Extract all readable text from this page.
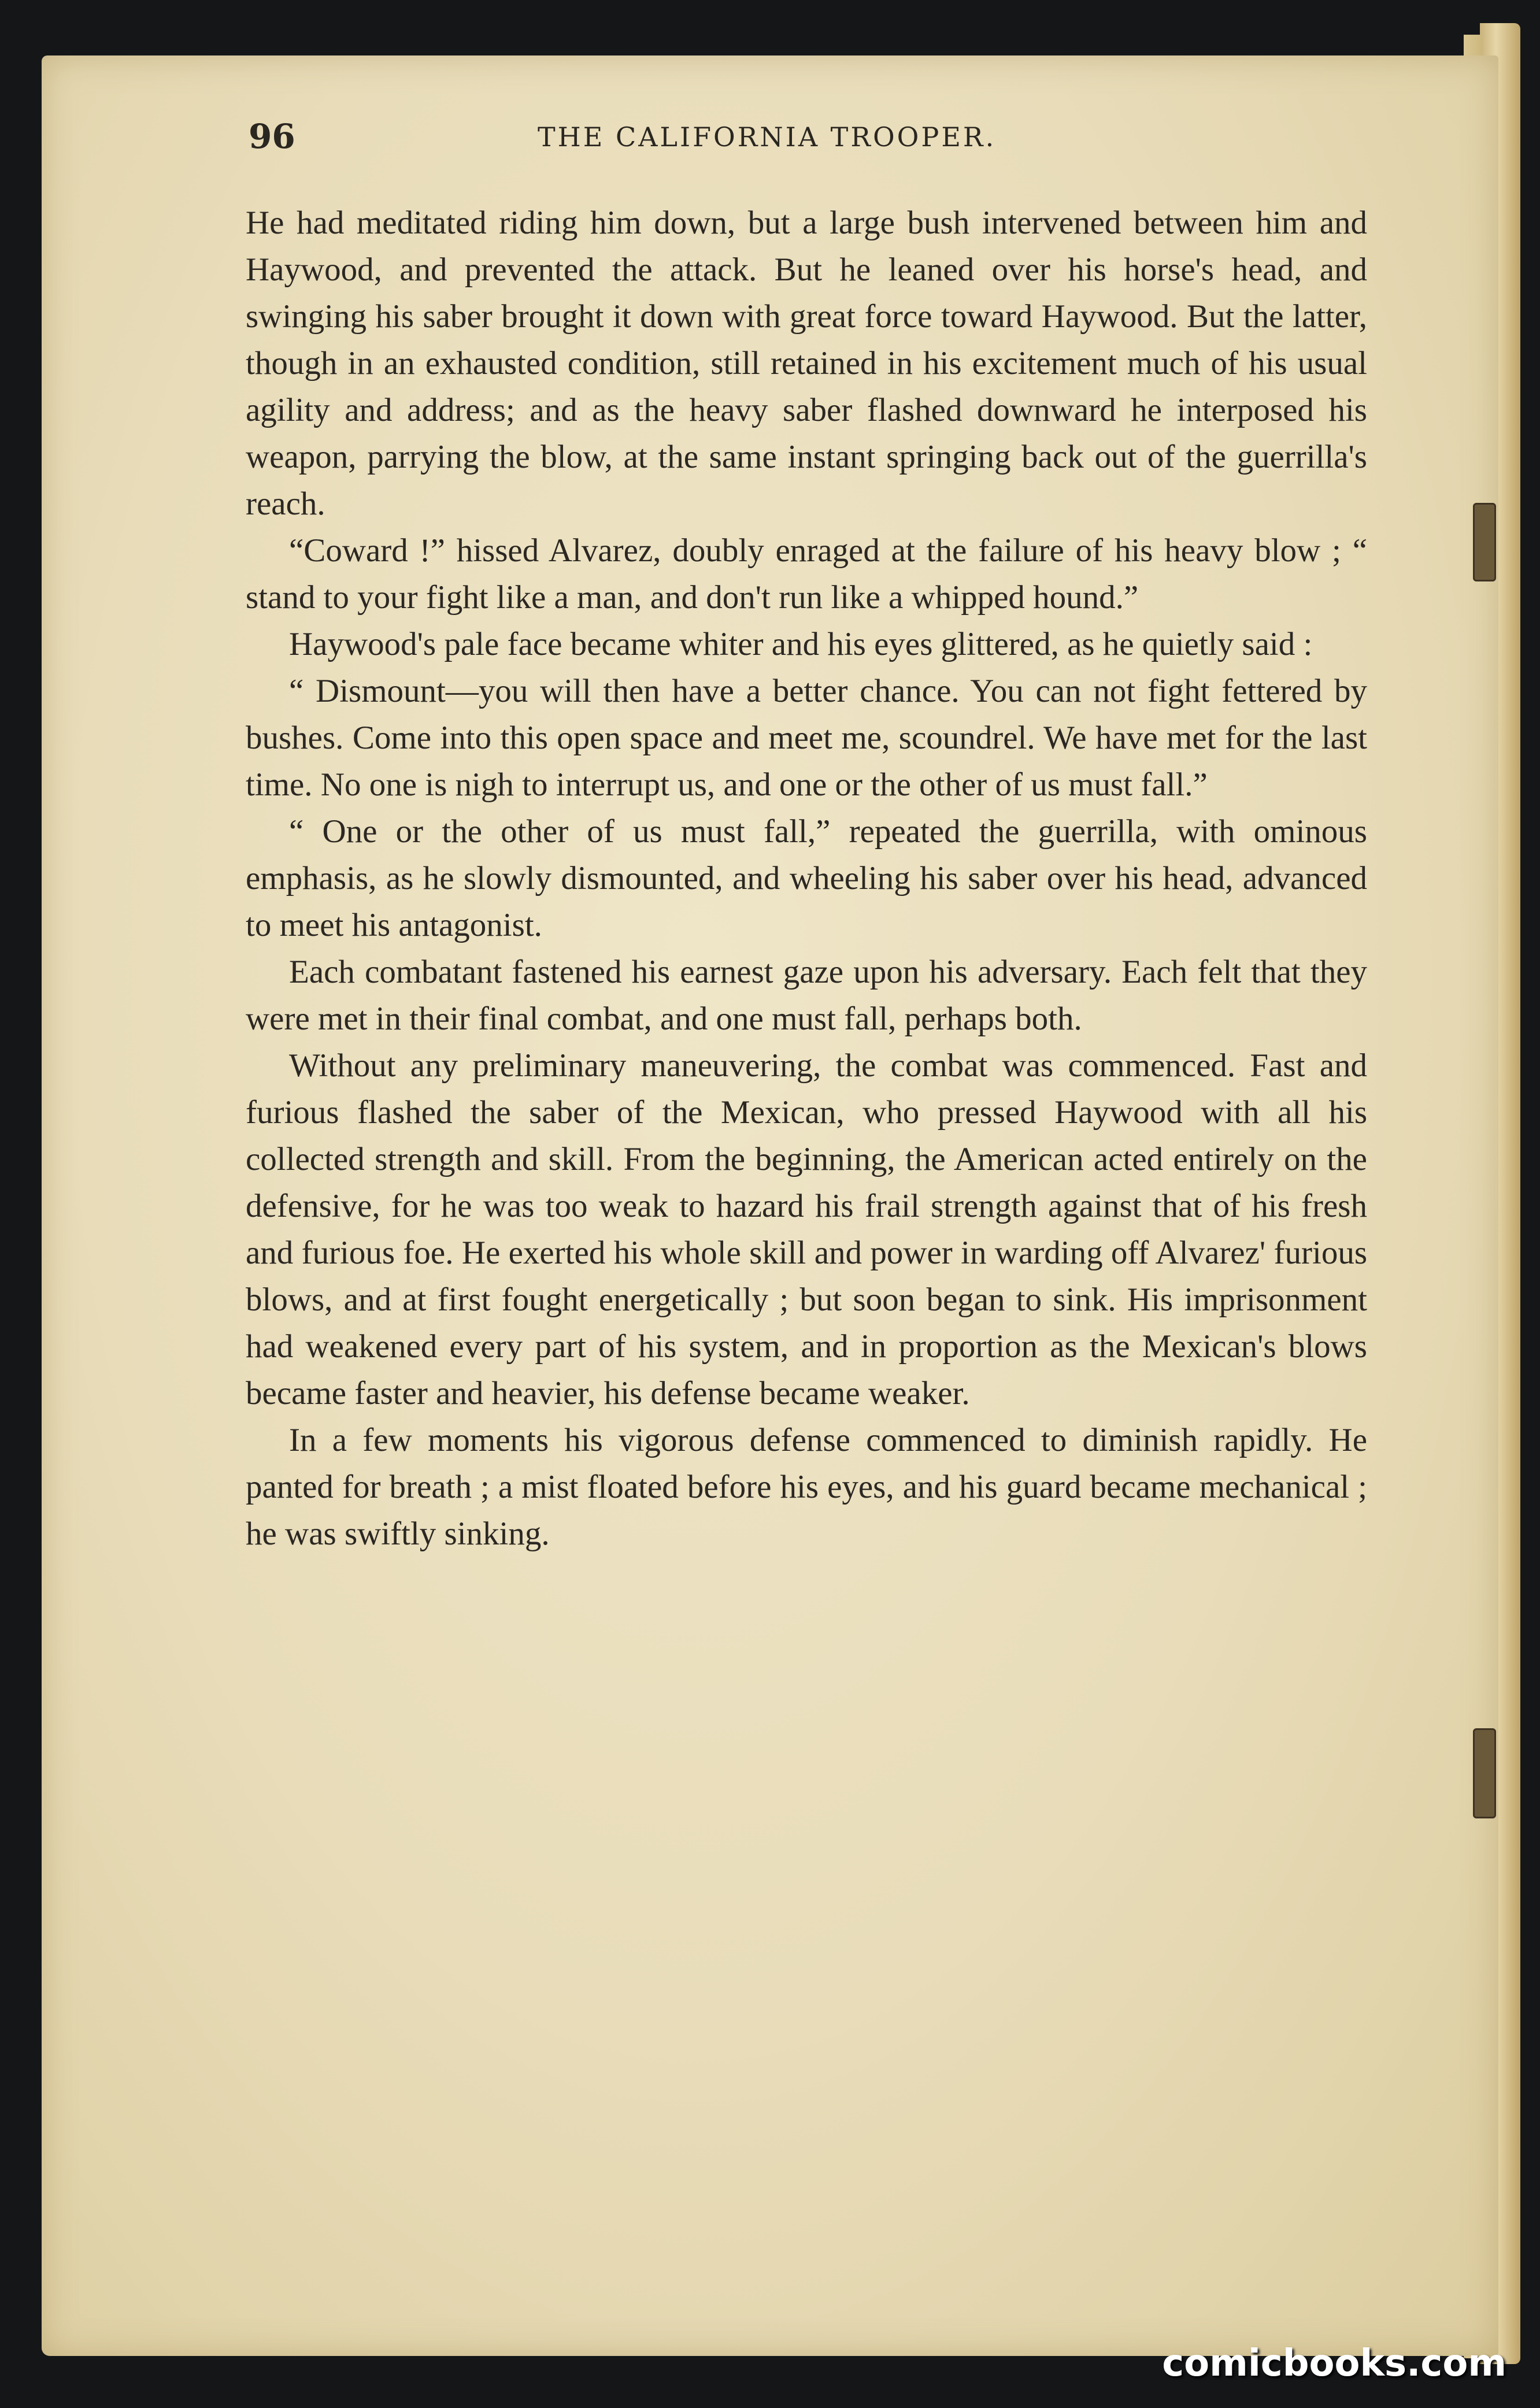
96	THE CALIFORNIA TROOPER.

He had meditated riding him down, but a large bush intervened between him and Haywood, and prevented the attack. But he leaned over his horse's head, and swinging his saber brought it down with great force toward Haywood. But the latter, though in an exhausted condition, still retained in his excitement much of his usual agility and address; and as the heavy saber flashed downward he interposed his weapon, parrying the blow, at the same instant springing back out of the guerrilla's reach.

“Coward !” hissed Alvarez, doubly enraged at the failure of his heavy blow ; “ stand to your fight like a man, and don't run like a whipped hound.”

Haywood's pale face became whiter and his eyes glittered, as he quietly said :

“ Dismount—you will then have a better chance. You can not fight fettered by bushes. Come into this open space and meet me, scoundrel. We have met for the last time. No one is nigh to interrupt us, and one or the other of us must fall.”

“ One or the other of us must fall,” repeated the guerrilla, with ominous emphasis, as he slowly dismounted, and wheeling his saber over his head, advanced to meet his antagonist.

Each combatant fastened his earnest gaze upon his adversary. Each felt that they were met in their final combat, and one must fall, perhaps both.

Without any preliminary maneuvering, the combat was commenced. Fast and furious flashed the saber of the Mexican, who pressed Haywood with all his collected strength and skill. From the beginning, the American acted entirely on the defensive, for he was too weak to hazard his frail strength against that of his fresh and furious foe. He exerted his whole skill and power in warding off Alvarez' furious blows, and at first fought energetically ; but soon began to sink. His imprisonment had weakened every part of his system, and in proportion as the Mexican's blows became faster and heavier, his defense became weaker.

In a few moments his vigorous defense commenced to diminish rapidly. He panted for breath ; a mist floated before his eyes, and his guard became mechanical ; he was swiftly sinking.

comicbooks.com
